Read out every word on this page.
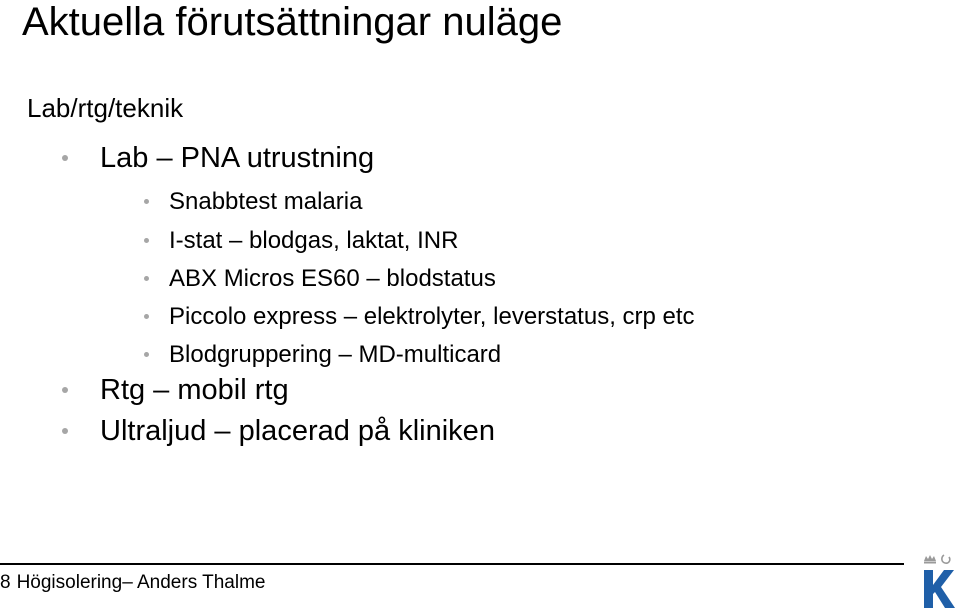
Aktuella förutsättningar nuläge
Lab/rtg/teknik
Lab – PNA utrustning
Snabbtest malaria
I-stat – blodgas, laktat, INR
ABX Micros ES60 – blodstatus
Piccolo express – elektrolyter, leverstatus, crp etc
Blodgruppering – MD-multicard
Rtg – mobil rtg
Ultraljud – placerad på kliniken
8 Högisolering– Anders Thalme
